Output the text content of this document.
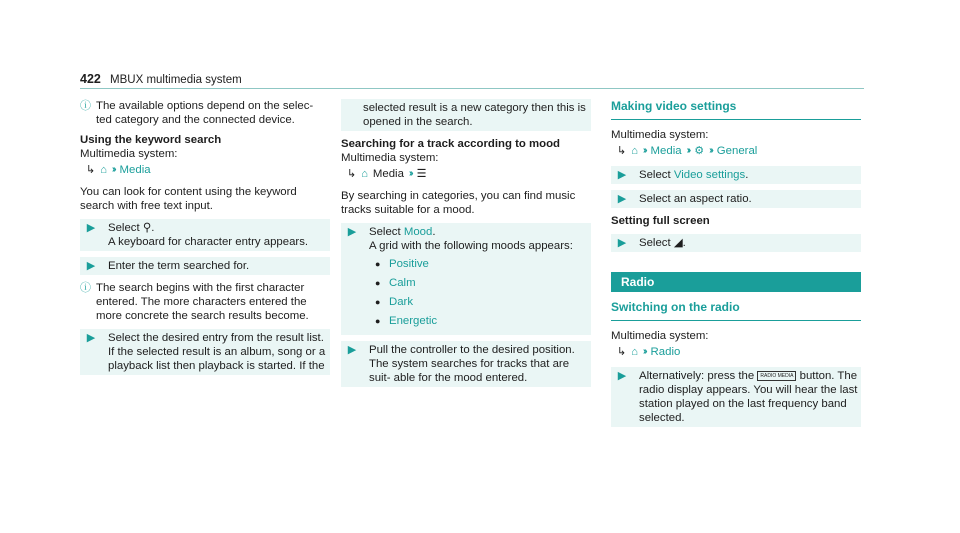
422 MBUX multimedia system
ⓘ The available options depend on the selec- ted category and the connected device.
Using the keyword search
Multimedia system:
↳ ⌂ ›› Media
You can look for content using the keyword search with free text input.
▶	Select ⚲.

A keyboard for character entry appears.

▶	Enter the term searched for.
ⓘ The search begins with the first character entered. The more characters entered the more concrete the search results become.
▶	Select the desired entry from the result list. If the selected result is an album, song or a playback list then playback is started. If the
selected result is a new category then this is opened in the search.
Searching for a track according to mood
Multimedia system:
↳ ⌂ Media ›› ☰
By searching in categories, you can find music tracks suitable for a mood.
▶	Select Mood.

A grid with the following moods appears:

● Positive
● Calm
● Dark
● Energetic
▶	Pull the controller to the desired position. The system searches for tracks that are suit- able for the mood entered.
Making video settings
Multimedia system:
↳ ⌂ ›› Media ›› ⚙ ›› General
▶	Select Video settings.
▶	Select an aspect ratio.
Setting full screen
▶	Select ◢.
Radio
Switching on the radio
Multimedia system:
↳ ⌂ ›› Radio
▶	Alternatively: press the RADIO MEDIA button. The radio display appears. You will hear the last station played on the last frequency band selected.
